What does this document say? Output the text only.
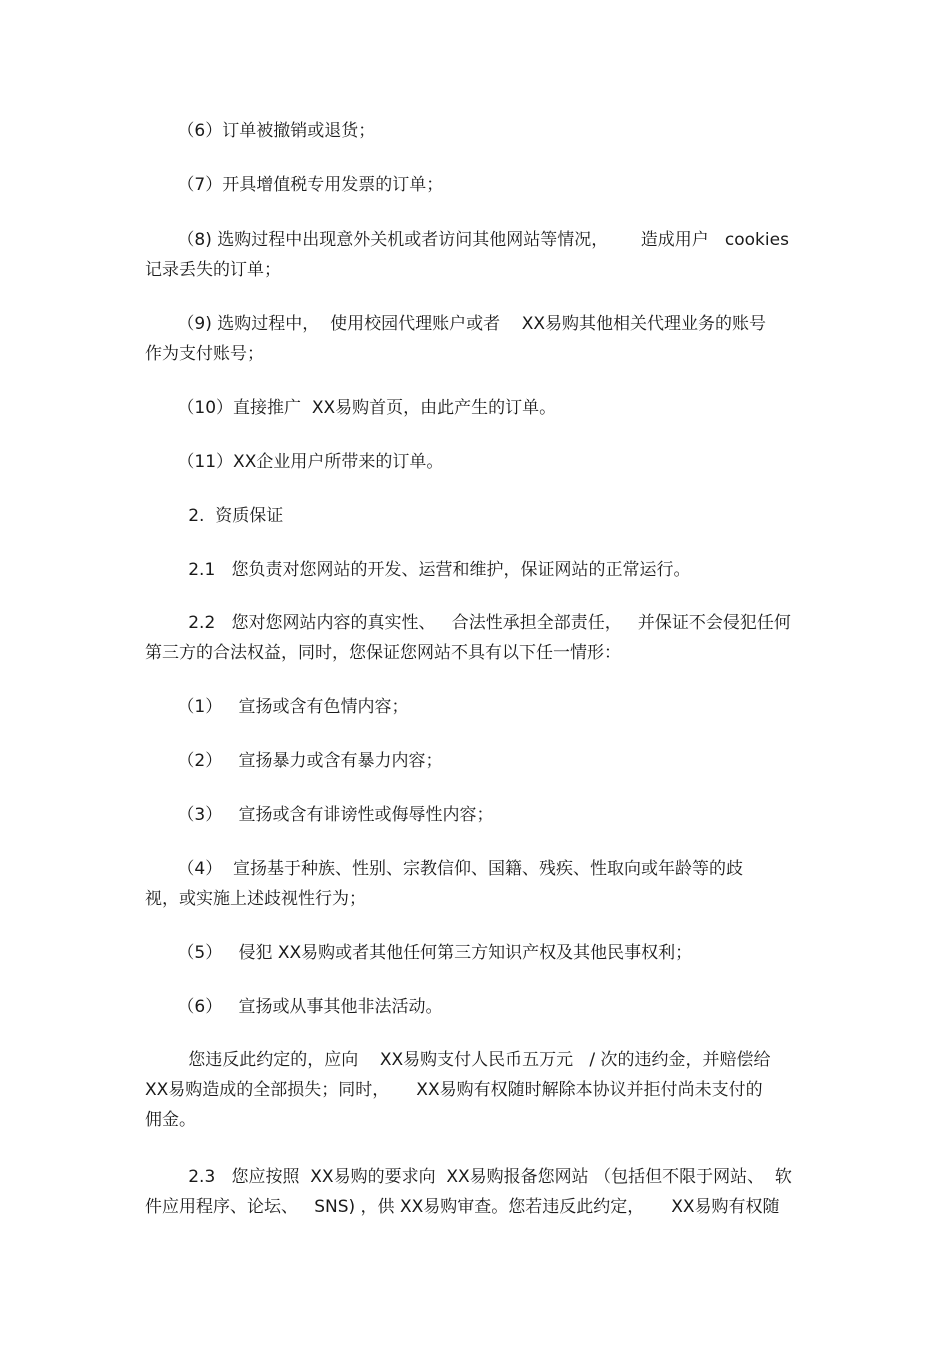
（6）订单被撤销或退货；
（7）开具增值税专用发票的订单；
（8) 选购过程中出现意外关机或者访问其他网站等情况，      造成用户   cookies
记录丢失的订单；
（9) 选购过程中，  使用校园代理账户或者    XX易购其他相关代理业务的账号
作为支付账号；
（10）直接推广  XX易购首页，由此产生的订单。
（11）XX企业用户所带来的订单。
2.  资质保证
2.1   您负责对您网站的开发、运营和维护，保证网站的正常运行。
2.2   您对您网站内容的真实性、   合法性承担全部责任，   并保证不会侵犯任何
第三方的合法权益，同时，您保证您网站不具有以下任一情形：
（1）   宣扬或含有色情内容；
（2）   宣扬暴力或含有暴力内容；
（3）   宣扬或含有诽谤性或侮辱性内容；
（4）  宣扬基于种族、性别、宗教信仰、国籍、残疾、性取向或年龄等的歧
视，或实施上述歧视性行为；
（5）   侵犯 XX易购或者其他任何第三方知识产权及其他民事权利；
（6）   宣扬或从事其他非法活动。
您违反此约定的，应向    XX易购支付人民币五万元   / 次的违约金，并赔偿给
XX易购造成的全部损失；同时，     XX易购有权随时解除本协议并拒付尚未支付的
佣金。
2.3   您应按照  XX易购的要求向  XX易购报备您网站 （包括但不限于网站、  软
件应用程序、论坛、   SNS) ，供 XX易购审查。您若违反此约定，     XX易购有权随
